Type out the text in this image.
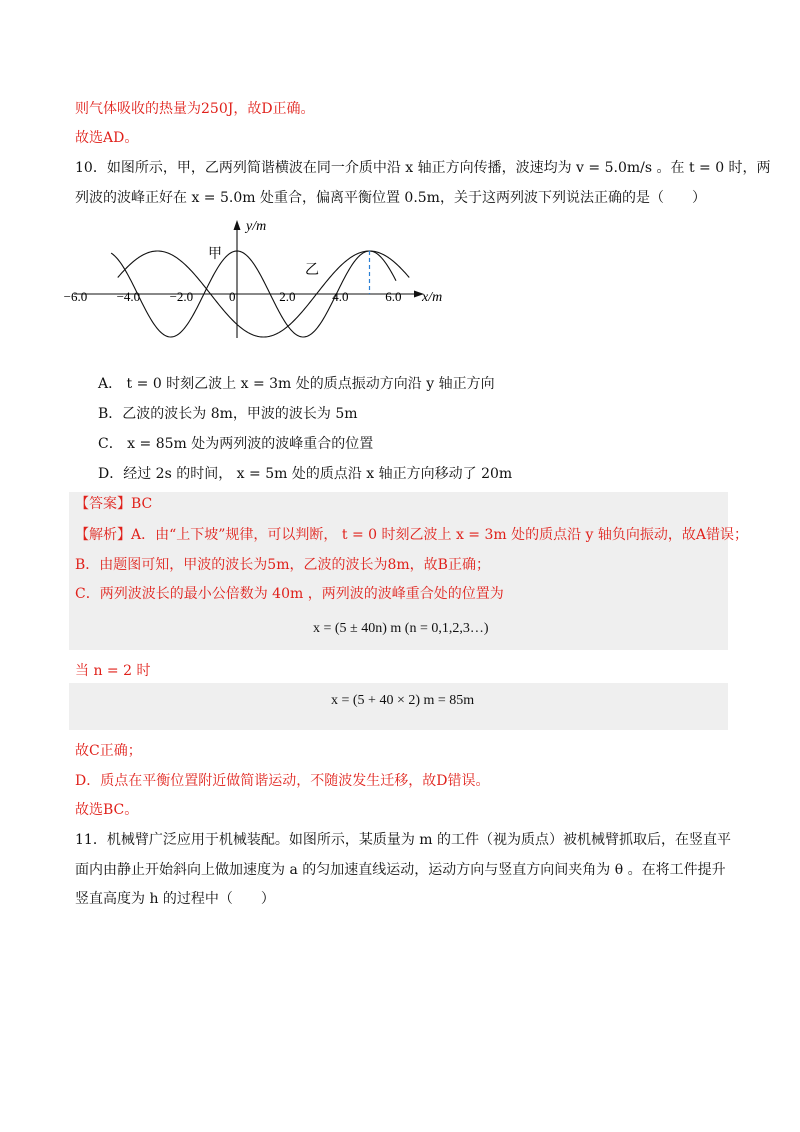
则气体吸收的热量为250J，故D正确。
故选AD。
10．如图所示，甲，乙两列简谐横波在同一介质中沿 x 轴正方向传播，波速均为 v = 5.0m/s 。在 t = 0 时，两
列波的波峰正好在 x = 5.0m 处重合，偏离平衡位置 0.5m，关于这两列波下列说法正确的是（　　）
x/m
y/m
−6.0 −4.0 −2.0	0	2.0	4.0	6.0
甲
乙
A． t = 0 时刻乙波上 x = 3m 处的质点振动方向沿 y 轴正方向
B．乙波的波长为 8m，甲波的波长为 5m
C． x = 85m 处为两列波的波峰重合的位置
D．经过 2s 的时间， x = 5m 处的质点沿 x 轴正方向移动了 20m
【答案】BC
【解析】A．由“上下坡”规律，可以判断， t = 0 时刻乙波上 x = 3m 处的质点沿 y 轴负向振动，故A错误；
B．由题图可知，甲波的波长为5m，乙波的波长为8m，故B正确；
C．两列波波长的最小公倍数为 40m ，两列波的波峰重合处的位置为
x = (5 ± 40n) m (n = 0,1,2,3…)
当 n = 2 时
x = (5 + 40 × 2) m = 85m
故C正确；
D．质点在平衡位置附近做简谐运动，不随波发生迁移，故D错误。
故选BC。
11．机械臂广泛应用于机械装配。如图所示，某质量为 m 的工件（视为质点）被机械臂抓取后，在竖直平
面内由静止开始斜向上做加速度为 a 的匀加速直线运动，运动方向与竖直方向间夹角为 θ 。在将工件提升
竖直高度为 h 的过程中（　　）
